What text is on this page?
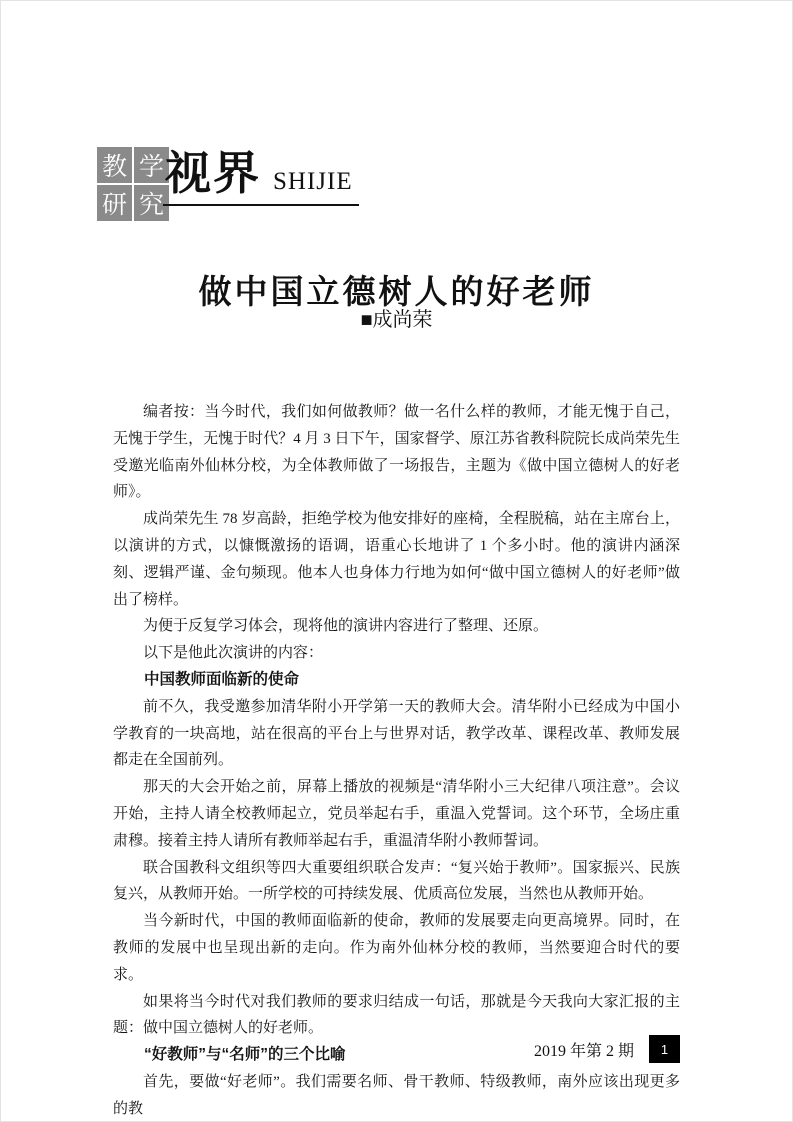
教 学
研 究
视界 SHIJIE
做中国立德树人的好老师
■成尚荣

编者按：当今时代，我们如何做教师？做一名什么样的教师，才能无愧于自己，无愧于学生，无愧于时代？4 月 3 日下午，国家督学、原江苏省教科院院长成尚荣先生受邀光临南外仙林分校，为全体教师做了一场报告，主题为《做中国立德树人的好老师》。

成尚荣先生 78 岁高龄，拒绝学校为他安排好的座椅，全程脱稿，站在主席台上，以演讲的方式，以慷慨激扬的语调，语重心长地讲了 1 个多小时。他的演讲内涵深刻、逻辑严谨、金句频现。他本人也身体力行地为如何“做中国立德树人的好老师”做出了榜样。

为便于反复学习体会，现将他的演讲内容进行了整理、还原。

以下是他此次演讲的内容：

中国教师面临新的使命

前不久，我受邀参加清华附小开学第一天的教师大会。清华附小已经成为中国小学教育的一块高地，站在很高的平台上与世界对话，教学改革、课程改革、教师发展都走在全国前列。

那天的大会开始之前，屏幕上播放的视频是“清华附小三大纪律八项注意”。会议开始，主持人请全校教师起立，党员举起右手，重温入党誓词。这个环节，全场庄重肃穆。接着主持人请所有教师举起右手，重温清华附小教师誓词。

联合国教科文组织等四大重要组织联合发声：“复兴始于教师”。国家振兴、民族复兴，从教师开始。一所学校的可持续发展、优质高位发展，当然也从教师开始。

当今新时代，中国的教师面临新的使命，教师的发展要走向更高境界。同时，在教师的发展中也呈现出新的走向。作为南外仙林分校的教师，当然要迎合时代的要求。

如果将当今时代对我们教师的要求归结成一句话，那就是今天我向大家汇报的主题：做中国立德树人的好老师。

“好教师”与“名师”的三个比喻

首先，要做“好老师”。我们需要名师、骨干教师、特级教师，南外应该出现更多的教

2019 年第 2 期	1
